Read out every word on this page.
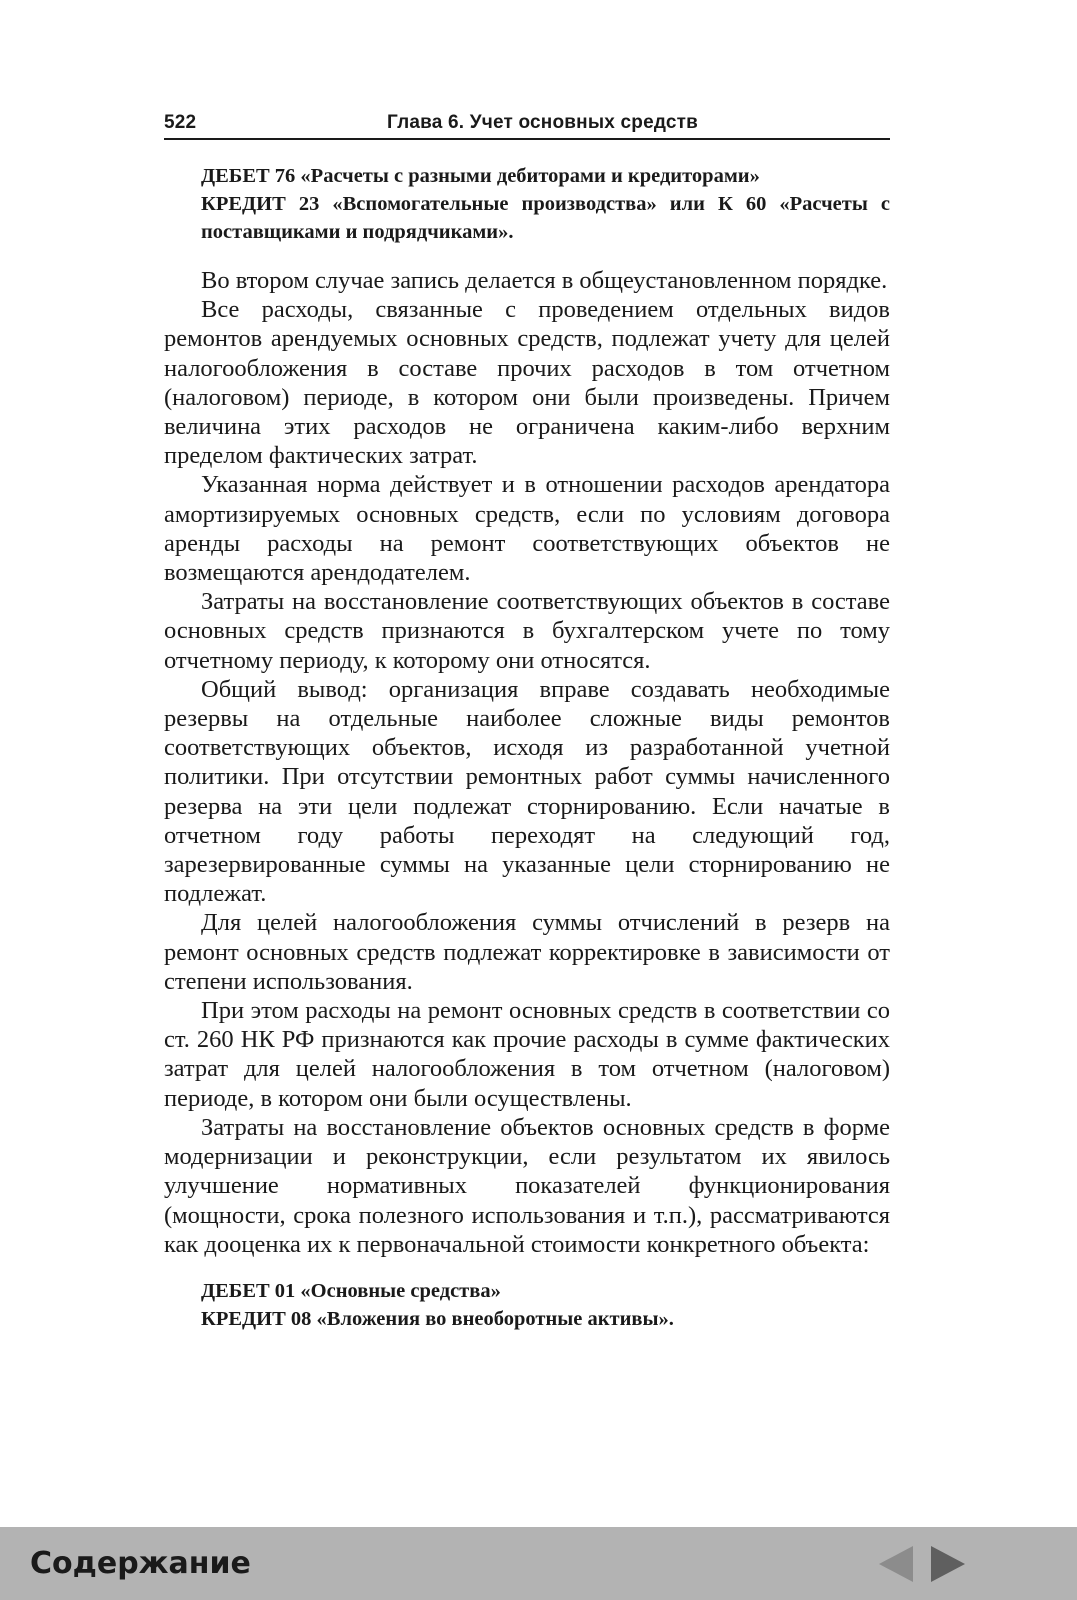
522	Глава 6. Учет основных средств
ДЕБЕТ 76 «Расчеты с разными дебиторами и кредиторами»
КРЕДИТ 23 «Вспомогательные производства» или К 60 «Расчеты с поставщиками и подрядчиками».

Во втором случае запись делается в общеустановленном порядке.

Все расходы, связанные с проведением отдельных видов ремонтов арендуемых основных средств, подлежат учету для целей налогообложения в составе прочих расходов в том отчетном (налоговом) периоде, в котором они были произведены. Причем величина этих расходов не ограничена каким-либо верхним пределом фактических затрат.

Указанная норма действует и в отношении расходов арендатора амортизируемых основных средств, если по условиям договора аренды расходы на ремонт соответствующих объектов не возмещаются арендодателем.

Затраты на восстановление соответствующих объектов в составе основных средств признаются в бухгалтерском учете по тому отчетному периоду, к которому они относятся.

Общий вывод: организация вправе создавать необходимые резервы на отдельные наиболее сложные виды ремонтов соответствующих объектов, исходя из разработанной учетной политики. При отсутствии ремонтных работ суммы начисленного резерва на эти цели подлежат сторнированию. Если начатые в отчетном году работы переходят на следующий год, зарезервированные суммы на указанные цели сторнированию не подлежат.

Для целей налогообложения суммы отчислений в резерв на ремонт основных средств подлежат корректировке в зависимости от степени использования.

При этом расходы на ремонт основных средств в соответствии со ст. 260 НК РФ признаются как прочие расходы в сумме фактических затрат для целей налогообложения в том отчетном (налоговом) периоде, в котором они были осуществлены.

Затраты на восстановление объектов основных средств в форме модернизации и реконструкции, если результатом их явилось улучшение нормативных показателей функционирования (мощности, срока полезного использования и т.п.), рассматриваются как дооценка их к первоначальной стоимости конкретного объекта:

ДЕБЕТ 01 «Основные средства»
КРЕДИТ 08 «Вложения во внеоборотные активы».
Содержание
